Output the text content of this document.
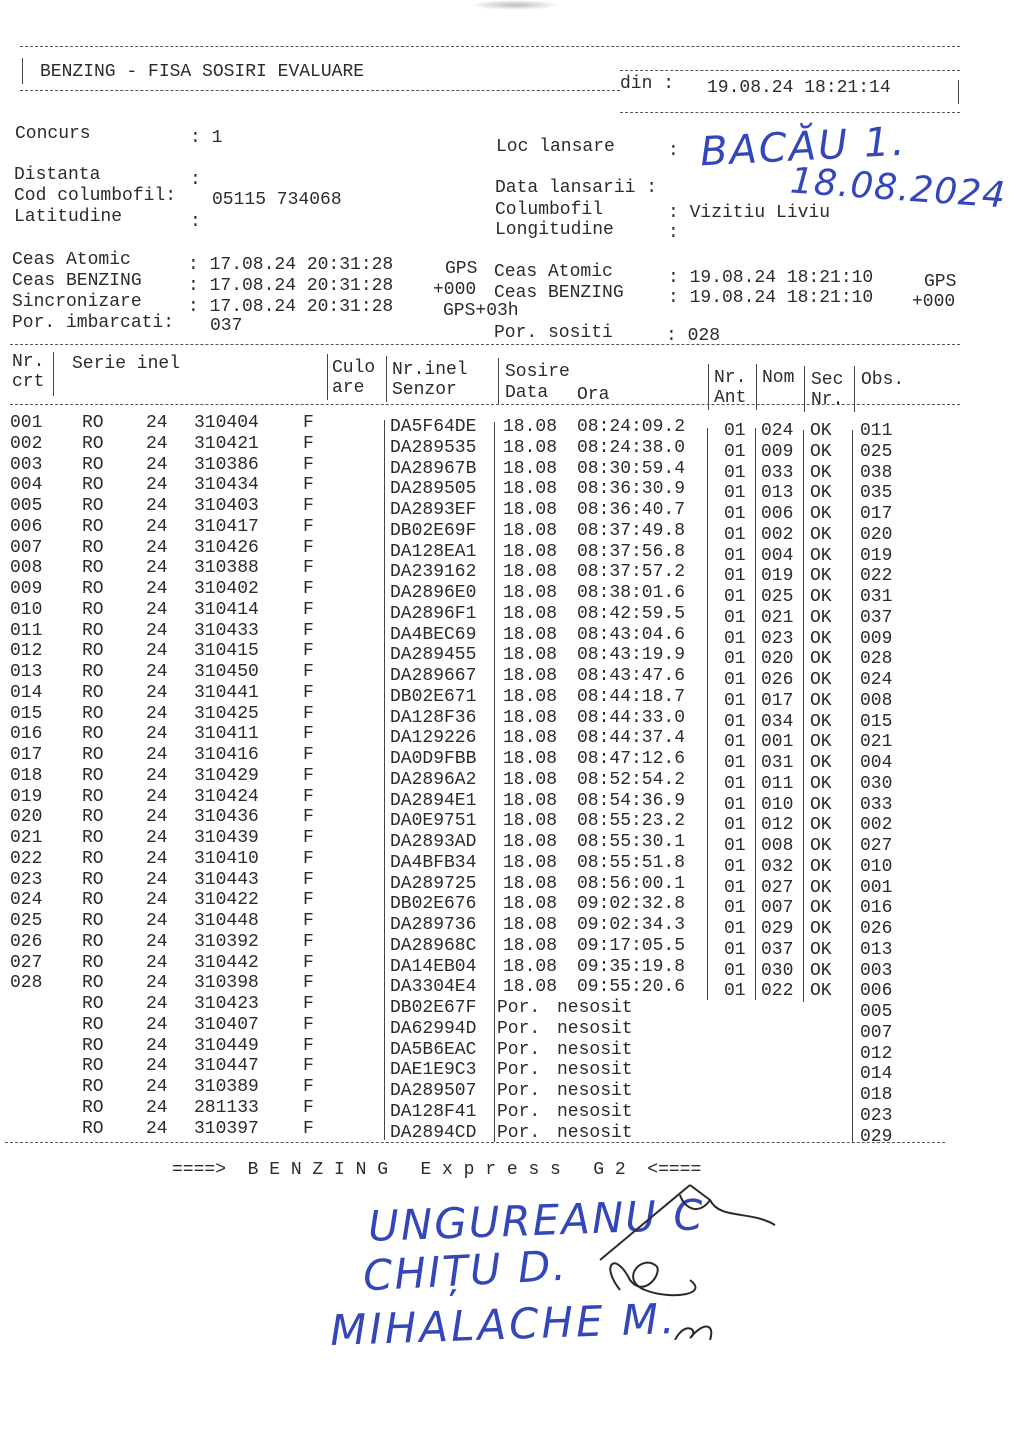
BENZING - FISA SOSIRI EVALUARE
din : 19.08.24 18:21:14
Concurs	: 1
Distanta	:
Cod columbofil: 05115 734068
Latitudine	:
Loc lansare	:
Data lansarii :
Columbofil	: Vizitiu Liviu
Longitudine	:
BACĂU 1.
18.08.2024
Ceas Atomic	: 17.08.24 20:31:28	GPS
Ceas BENZING	: 17.08.24 20:31:28 +000
Sincronizare	: 17.08.24 20:31:28	GPS+03h
Por. imbarcati: 037
Ceas Atomic	: 19.08.24 18:21:10	GPS
Ceas BENZING : 19.08.24 18:21:10 +000
Por. sositi	: 028
Nr.
crt
Serie inel	Culo
are
Nr.inel
Senzor
Sosire
Data Ora
Nr.
Ant
Nom Sec
Nr.
Obs.
001 RO 24 310404 F	DA5F64DE 18.08 08:24:09.2 01 024 OK 011
002 RO 24 310421 F	DA289535 18.08 08:24:38.0 01 009 OK 025
003 RO 24 310386 F	DA28967B 18.08 08:30:59.4 01 033 OK 038
004 RO 24 310434 F	DA289505 18.08 08:36:30.9 01 013 OK 035
005 RO 24 310403 F	DA2893EF 18.08 08:36:40.7 01 006 OK 017
006 RO 24 310417 F	DB02E69F 18.08 08:37:49.8 01 002 OK 020
007 RO 24 310426 F	DA128EA1 18.08 08:37:56.8 01 004 OK 019
008 RO 24 310388 F	DA239162 18.08 08:37:57.2 01 019 OK 022
009 RO 24 310402 F	DA2896E0 18.08 08:38:01.6 01 025 OK 031
010 RO 24 310414 F	DA2896F1 18.08 08:42:59.5 01 021 OK 037
011 RO 24 310433 F	DA4BEC69 18.08 08:43:04.6 01 023 OK 009
012 RO 24 310415 F	DA289455 18.08 08:43:19.9 01 020 OK 028
013 RO 24 310450 F	DA289667 18.08 08:43:47.6 01 026 OK 024
014 RO 24 310441 F	DB02E671 18.08 08:44:18.7 01 017 OK 008
015 RO 24 310425 F	DA128F36 18.08 08:44:33.0 01 034 OK 015
016 RO 24 310411 F	DA129226 18.08 08:44:37.4 01 001 OK 021
017 RO 24 310416 F	DA0D9FBB 18.08 08:47:12.6 01 031 OK 004
018 RO 24 310429 F	DA2896A2 18.08 08:52:54.2 01 011 OK 030
019 RO 24 310424 F	DA2894E1 18.08 08:54:36.9 01 010 OK 033
020 RO 24 310436 F	DA0E9751 18.08 08:55:23.2 01 012 OK 002
021 RO 24 310439 F	DA2893AD 18.08 08:55:30.1 01 008 OK 027
022 RO 24 310410 F	DA4BFB34 18.08 08:55:51.8 01 032 OK 010
023 RO 24 310443 F	DA289725 18.08 08:56:00.1 01 027 OK 001
024 RO 24 310422 F	DB02E676 18.08 09:02:32.8 01 007 OK 016
025 RO 24 310448 F	DA289736 18.08 09:02:34.3 01 029 OK 026
026 RO 24 310392 F	DA28968C 18.08 09:17:05.5 01 037 OK 013
027 RO 24 310442 F	DA14EB04 18.08 09:35:19.8 01 030 OK 003
028 RO 24 310398 F	DA3304E4 18.08 09:55:20.6 01 022 OK 006
RO 24 310423 F	DB02E67F Por. nesosit	005
RO 24 310407 F	DA62994D Por. nesosit	007
RO 24 310449 F	DA5B6EAC Por. nesosit	012
RO 24 310447 F	DAE1E9C3 Por. nesosit	014
RO 24 310389 F	DA289507 Por. nesosit	018
RO 24 281133 F	DA128F41 Por. nesosit	023
RO 24 310397 F	DA2894CD Por. nesosit	029
====>  B E N Z I N G   E x p r e s s   G 2  <====
UNGUREANU C
CHIȚU D.
MIHALACHE M.
